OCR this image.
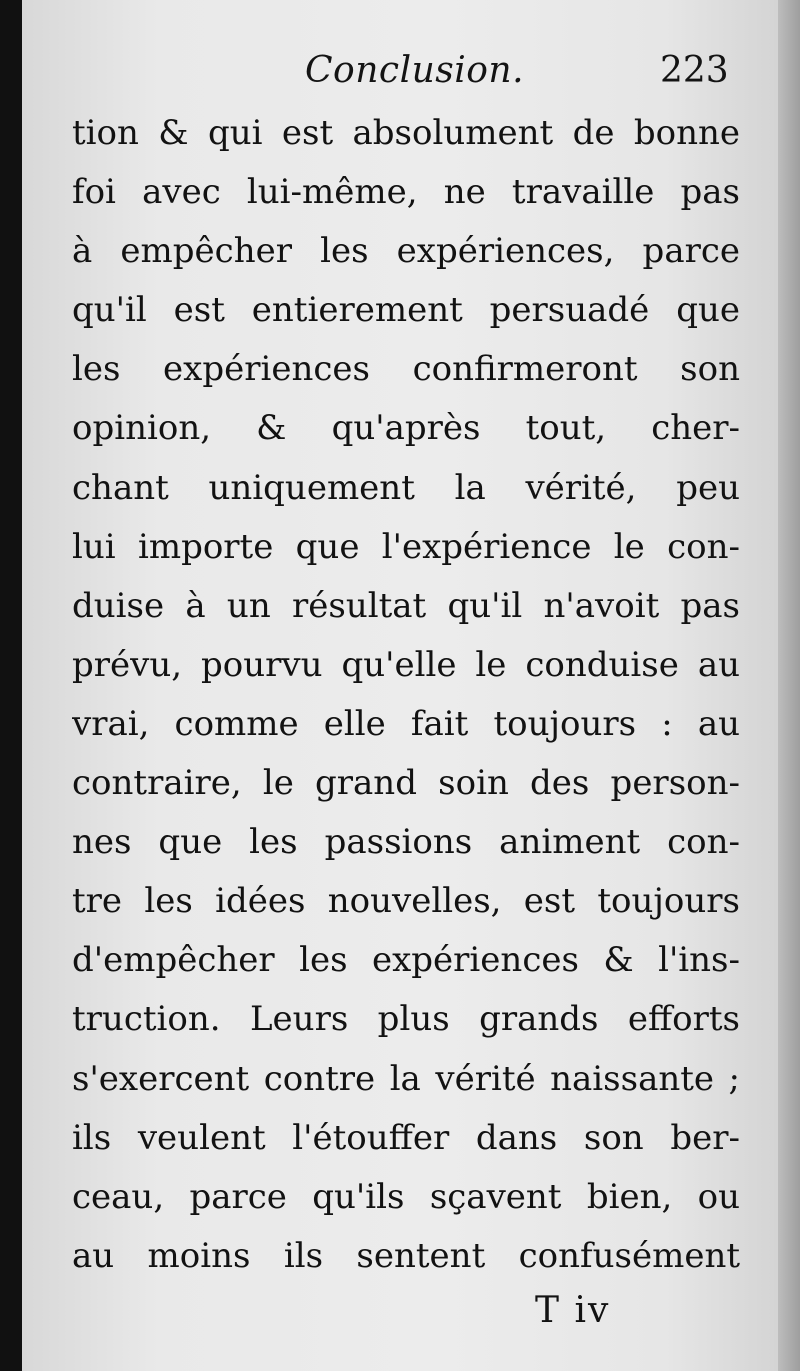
Conclusion.	223
tion & qui est absolument de bonne
foi avec lui-même, ne travaille pas
à empêcher les expériences, parce
qu'il est entierement persuadé que
les expériences confirmeront son
opinion, & qu'après tout, cher-
chant uniquement la vérité, peu
lui importe que l'expérience le con-
duise à un résultat qu'il n'avoit pas
prévu, pourvu qu'elle le conduise au
vrai, comme elle fait toujours : au
contraire, le grand soin des person-
nes que les passions animent con-
tre les idées nouvelles, est toujours
d'empêcher les expériences & l'ins-
truction. Leurs plus grands efforts
s'exercent contre la vérité naissante ;
ils veulent l'étouffer dans son ber-
ceau, parce qu'ils sçavent bien, ou
au moins ils sentent confusément
T iv
